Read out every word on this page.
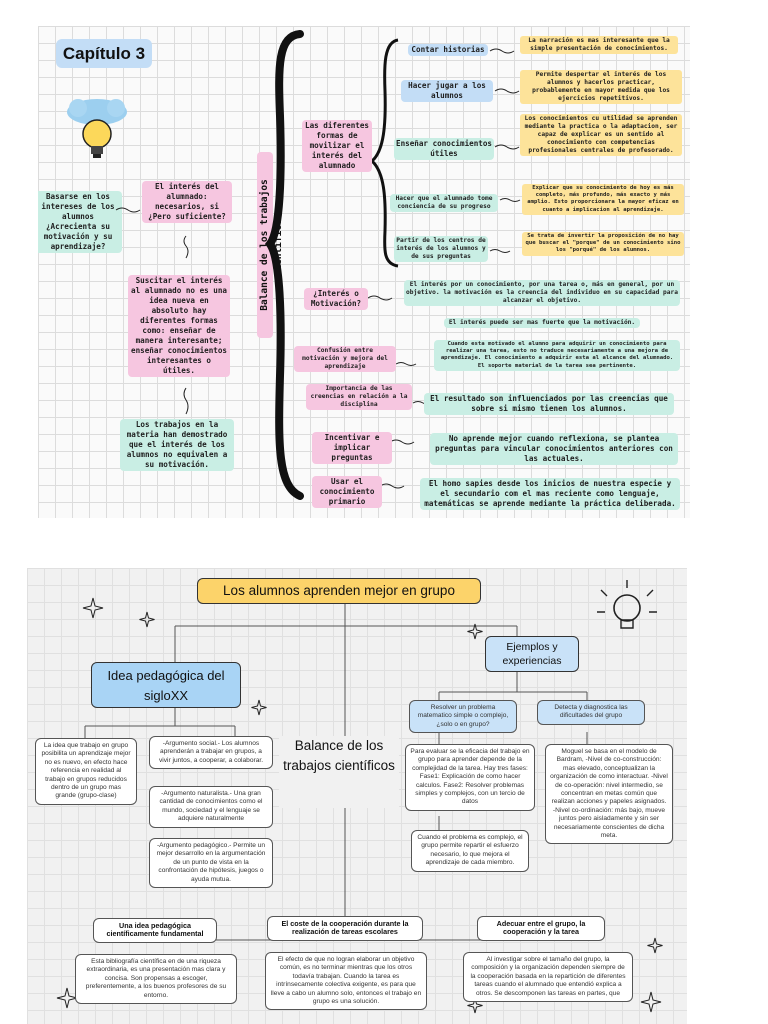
Capítulo 3
Basarse en los intereses de los alumnos ¿Acrecienta su motivación y su aprendizaje?
El interés del alumnado: necesarios, si ¿Pero suficiente?
Suscitar el interés al alumnado no es una idea nueva en absoluto hay diferentes formas como: enseñar de manera interesante; enseñar conocimientos interesantes o útiles.
Los trabajos en la materia han demostrado que el interés de los alumnos no equivalen a su motivación.
Balance de los trabajos científicos
Las diferentes formas de movilizar el interés del alumnado
Contar historias
La narración es mas interesante que la simple presentación de conocimientos.
Hacer jugar a los alumnos
Permite despertar el interés de los alumnos y hacerlos practicar, probablemente en mayor medida que los ejercicios repetitivos.
Enseñar conocimientos útiles
Los conocimientos cu utilidad se aprenden mediante la practica o la adaptacion, ser capaz de explicar es un sentido al conocimiento con competencias profesionales centrales de profesorado.
Hacer que el alumnado tome conciencia de su progreso
Explicar que su conocimiento de hoy es más completo, más profundo, más exacto y más amplio. Esto proporcionara la mayor eficaz en cuanto a implicacion al aprendizaje.
Partir de los centros de interés de los alumnos y de sus preguntas
Se trata de invertir la proposición de no hay que buscar el "porque" de un conocimiento sino los "porqué" de los alumnos.
¿Interés o Motivación?
El interés por un conocimiento, por una tarea o, más en general, por un objetivo. la motivación es la creencia del individuo en su capacidad para alcanzar el objetivo.
El interés puede ser mas fuerte que la motivación.
Confusión entre motivación y mejora del aprendizaje
Cuando esta motivado el alumno para adquirir un conocimiento para realizar una tarea, esto no traduce necesariamente a una mejora de aprendizaje. El conocimiento a adquirir esta al alcance del alumnado. El soporte material de la tarea sea pertinente.
Importancia de las creencias en relación a la disciplina
El resultado son influenciados por las creencias que sobre si mismo tienen los alumnos.
Incentivar e implicar preguntas
No aprende mejor cuando reflexiona, se plantea preguntas para vincular conocimientos anteriores con las actuales.
Usar el conocimiento primario
El homo sapies desde los inicios de nuestra especie y el secundario com el mas reciente como lenguaje, matemáticas se aprende mediante la práctica deliberada.
Los alumnos aprenden mejor en grupo
Idea pedagógica del sigloXX
Balance de los trabajos científicos
Ejemplos y experiencias
La idea que trabajo en grupo posibilita un aprendizaje mejor no es nuevo, en efecto hace referencia en realidad al trabajo en grupos reducidos dentro de un grupo mas grande (grupo-clase)
-Argumento social.- Los alumnos aprenderán a trabajar en grupos, a vivir juntos, a cooperar, a colaborar.
-Argumento naturalista.- Una gran cantidad de conocimientos como el mundo, sociedad y el lenguaje se adquiere naturalmente
-Argumento pedagógico.- Permite un mejor desarrollo en la argumentación de un punto de vista en la confrontación de hipótesis, juegos o ayuda mutua.
Resolver un problema matematico simple o complejo, ¿solo o en grupo?
Detecta y diagnostica las dificultades del grupo
Para evaluar se la eficacia del trabajo en grupo para aprender depende de la complejidad de la tarea. Hay tres fases: Fase1: Explicación de como hacer calculos. Fase2: Resolver problemas simples y complejos, con un tercio de datos
Cuando el problema es complejo, el grupo permite repartir el esfuerzo necesario, lo que mejora el aprendizaje de cada miembro.
Moguel se basa en el modelo de Bardram, -Nivel de co-construcción: mas elevado, conceptualizan la organización de como interactuar. -Nivel de co-operación: nivel intermedio, se concentran en metas común que realizan acciones y papeles asignados. -Nivel co-ordinación: más bajo, mueve juntos pero aisladamente y sin ser necesariamente conscientes de dicha meta.
Una idea pedagógica científicamente fundamental
El coste de la cooperación durante la realización de tareas escolares
Adecuar entre el grupo, la cooperación y la tarea
Esta bibliografía científica en de una riqueza extraordinaria, es una presentación mas clara y concisa. Son propensas a escoger, preferentemente, a los buenos profesores de su entorno.
El efecto de que no logran elaborar un objetivo común, es no terminar mientras que los otros todavía trabajan. Cuando la tarea es intrínsecamente colectiva exigente, es para que lleve a cabo un alumno solo, entonces el trabajo en grupo es una solución.
Al investigar sobre el tamaño del grupo, la composición y la organización dependen siempre de la cooperación basada en la repartición de diferentes tareas cuando el alumnado que entendió explica a otros. Se descomponen las tareas en partes, que
